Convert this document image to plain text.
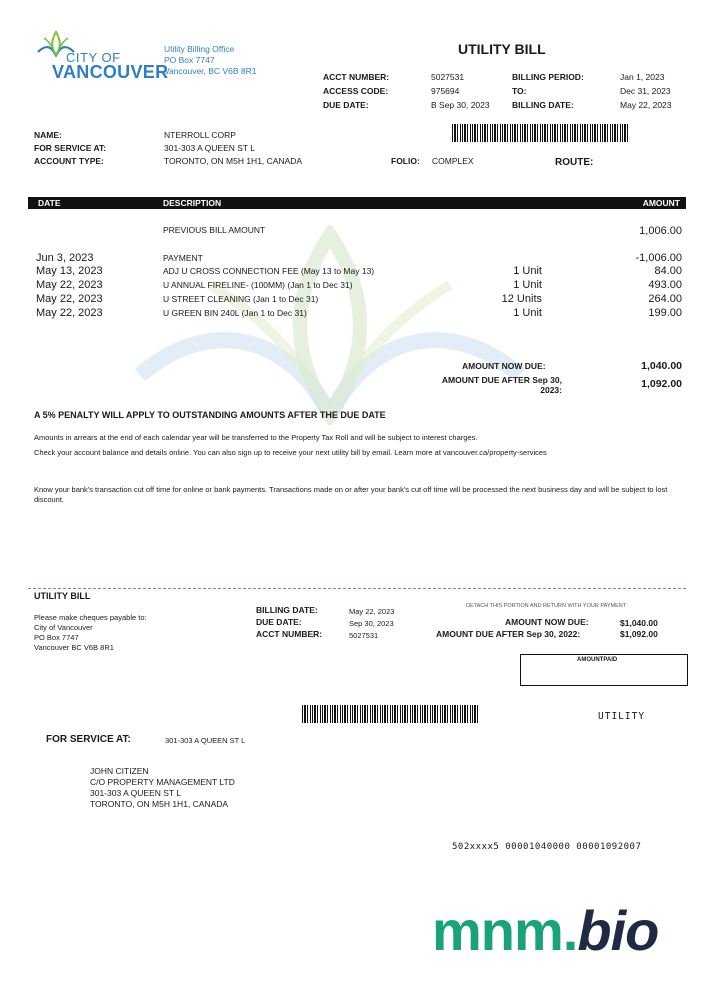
CITY OF
VANCOUVER
Utility Billing Office
PO Box 7747
Vancouver, BC V6B 8R1
UTILITY BILL
ACCT NUMBER:	5027531
ACCESS CODE:	975694
DUE DATE:	B Sep 30, 2023
BILLING PERIOD:	Jan 1, 2023
TO:	Dec 31, 2023
BILLING DATE:	May 22, 2023
NAME:	NTERROLL CORP
FOR SERVICE AT:	301-303 A QUEEN ST L
ACCOUNT TYPE:	TORONTO, ON M5H 1H1, CANADA	FOLIO: COMPLEX	ROUTE:
DATE	DESCRIPTION	AMOUNT
PREVIOUS BILL AMOUNT	1,006.00
Jun 3, 2023	PAYMENT	-1,006.00
May 13, 2023	ADJ U CROSS CONNECTION FEE (May 13 to May 13)	1 Unit	84.00
May 22, 2023	U ANNUAL FIRELINE- (100MM) (Jan 1 to Dec 31)	1 Unit	493.00
May 22, 2023	U STREET CLEANING (Jan 1 to Dec 31)	12 Units	264.00
May 22, 2023	U GREEN BIN 240L (Jan 1 to Dec 31)	1 Unit	199.00
AMOUNT NOW DUE:	1,040.00
AMOUNT DUE AFTER Sep 30,
2023:	1,092.00
A 5% PENALTY WILL APPLY TO OUTSTANDING AMOUNTS AFTER THE DUE DATE
Amounts in arrears at the end of each calendar year will be transferred to the Property Tax Roll and will be subject to interest charges.
Check your account balance and details online. You can also sign up to receive your next utility bill by email. Learn more at vancouver.ca/property-services
Know your bank's transaction cut off time for online or bank payments. Transactions made on or after your bank's cut off time will be processed the next business day and will be subject to lost discount.
UTILITY BILL
Please make cheques payable to:
City of Vancouver
PO Box 7747
Vancouver BC V6B 8R1
BILLING DATE:	May 22, 2023
DUE DATE:	Sep 30, 2023
ACCT NUMBER:	5027531
DETACH THIS PORTION AND RETURN WITH YOUR PAYMENT
AMOUNT NOW DUE:	$1,040.00
AMOUNT DUE AFTER Sep 30, 2022:	$1,092.00
AMOUNTPAID
UTILITY
FOR SERVICE AT:	301-303 A QUEEN ST L
JOHN CITIZEN
C/O PROPERTY MANAGEMENT LTD
301-303 A QUEEN ST L
TORONTO, ON M5H 1H1, CANADA
502xxxx5 00001040000 00001092007
mnm.bio
